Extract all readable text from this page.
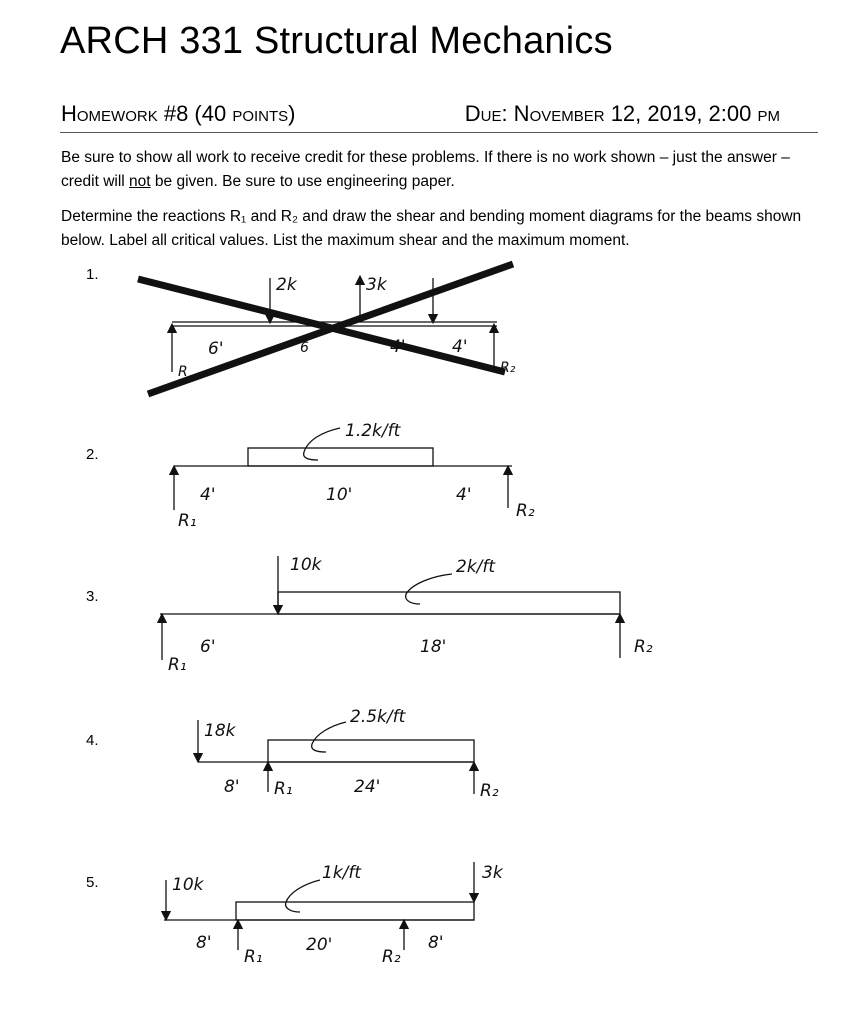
ARCH 331 Structural Mechanics
Homework #8 (40 points)	Due: November 12, 2019, 2:00 pm
Be sure to show all work to receive credit for these problems. If there is no work shown – just the answer – credit will not be given. Be sure to use engineering paper.
Determine the reactions R₁ and R₂ and draw the shear and bending moment diagrams for the beams shown below. Label all critical values. List the maximum shear and the maximum moment.
1.
2.
3.
4.
5.
2k	3k
6'	6	4'	4'
R	R₂
1.2k/ft
4'	10'	4'
R₁	R₂
10k	2k/ft
6'	18'
R₁
R₂
18k
2.5k/ft
8'	24'
R₁	R₂
10k
3k
1k/ft
8'	20'	8'
R₁	R₂
